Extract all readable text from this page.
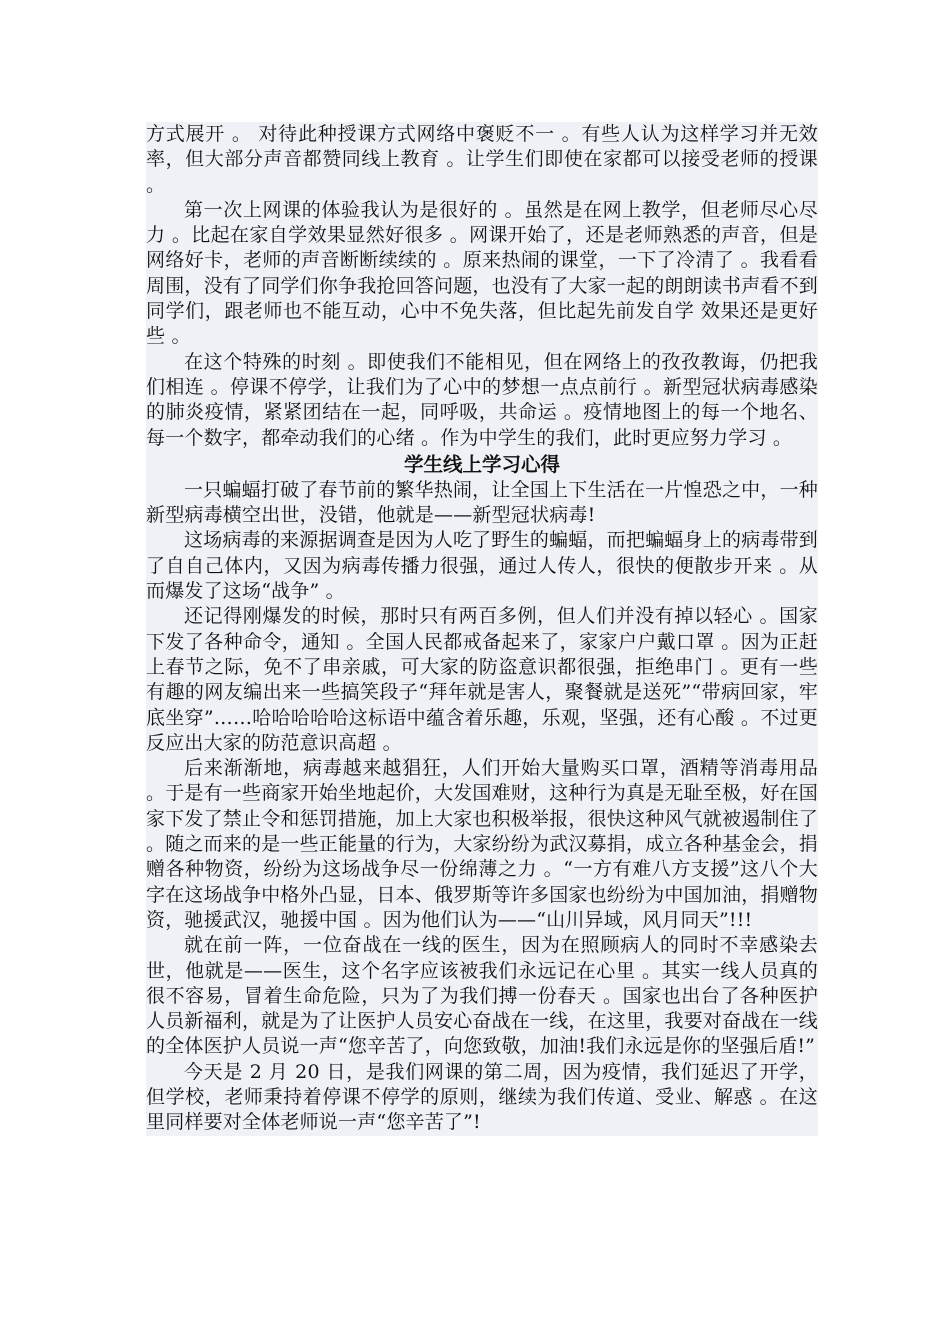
方式展开 。 对待此种授课方式网络中褒贬不一 。有些人认为这样学习并无效率，但大部分声音都赞同线上教育 。让学生们即使在家都可以接受老师的授课 。

第一次上网课的体验我认为是很好的 。虽然是在网上教学，但老师尽心尽力 。比起在家自学效果显然好很多 。网课开始了，还是老师熟悉的声音，但是网络好卡，老师的声音断断续续的 。原来热闹的课堂，一下了冷清了 。我看看周围，没有了同学们你争我抢回答问题，也没有了大家一起的朗朗读书声看不到同学们，跟老师也不能互动，心中不免失落，但比起先前发自学 效果还是更好些 。

在这个特殊的时刻 。即使我们不能相见，但在网络上的孜孜教诲，仍把我们相连 。停课不停学，让我们为了心中的梦想一点点前行 。新型冠状病毒感染的肺炎疫情，紧紧团结在一起，同呼吸，共命运 。疫情地图上的每一个地名、每一个数字，都牵动我们的心绪 。作为中学生的我们，此时更应努力学习 。

学生线上学习心得

一只蝙蝠打破了春节前的繁华热闹，让全国上下生活在一片惶恐之中，一种新型病毒横空出世，没错，他就是——新型冠状病毒!

这场病毒的来源据调查是因为人吃了野生的蝙蝠，而把蝙蝠身上的病毒带到了自自己体内，又因为病毒传播力很强，通过人传人，很快的便散步开来 。从而爆发了这场“战争” 。

还记得刚爆发的时候，那时只有两百多例，但人们并没有掉以轻心 。国家下发了各种命令，通知 。全国人民都戒备起来了，家家户户戴口罩 。因为正赶上春节之际，免不了串亲戚，可大家的防盗意识都很强，拒绝串门 。更有一些有趣的网友编出来一些搞笑段子“拜年就是害人，聚餐就是送死”“带病回家，牢底坐穿”……哈哈哈哈哈这标语中蕴含着乐趣，乐观，坚强，还有心酸 。不过更反应出大家的防范意识高超 。

后来渐渐地，病毒越来越猖狂，人们开始大量购买口罩，酒精等消毒用品 。于是有一些商家开始坐地起价，大发国难财，这种行为真是无耻至极，好在国家下发了禁止令和惩罚措施，加上大家也积极举报，很快这种风气就被遏制住了 。随之而来的是一些正能量的行为，大家纷纷为武汉募捐，成立各种基金会，捐赠各种物资，纷纷为这场战争尽一份绵薄之力 。“一方有难八方支援”这八个大字在这场战争中格外凸显，日本、俄罗斯等许多国家也纷纷为中国加油，捐赠物资，驰援武汉，驰援中国 。因为他们认为——“山川异域，风月同天”!!!

就在前一阵，一位奋战在一线的医生，因为在照顾病人的同时不幸感染去世，他就是——医生，这个名字应该被我们永远记在心里 。其实一线人员真的很不容易，冒着生命危险，只为了为我们搏一份春天 。国家也出台了各种医护人员新福利，就是为了让医护人员安心奋战在一线，在这里，我要对奋战在一线的全体医护人员说一声“您辛苦了，向您致敬，加油!我们永远是你的坚强后盾!”

今天是 2 月 20 日，是我们网课的第二周，因为疫情，我们延迟了开学，但学校，老师秉持着停课不停学的原则，继续为我们传道、受业、解惑 。在这里同样要对全体老师说一声“您辛苦了”!
